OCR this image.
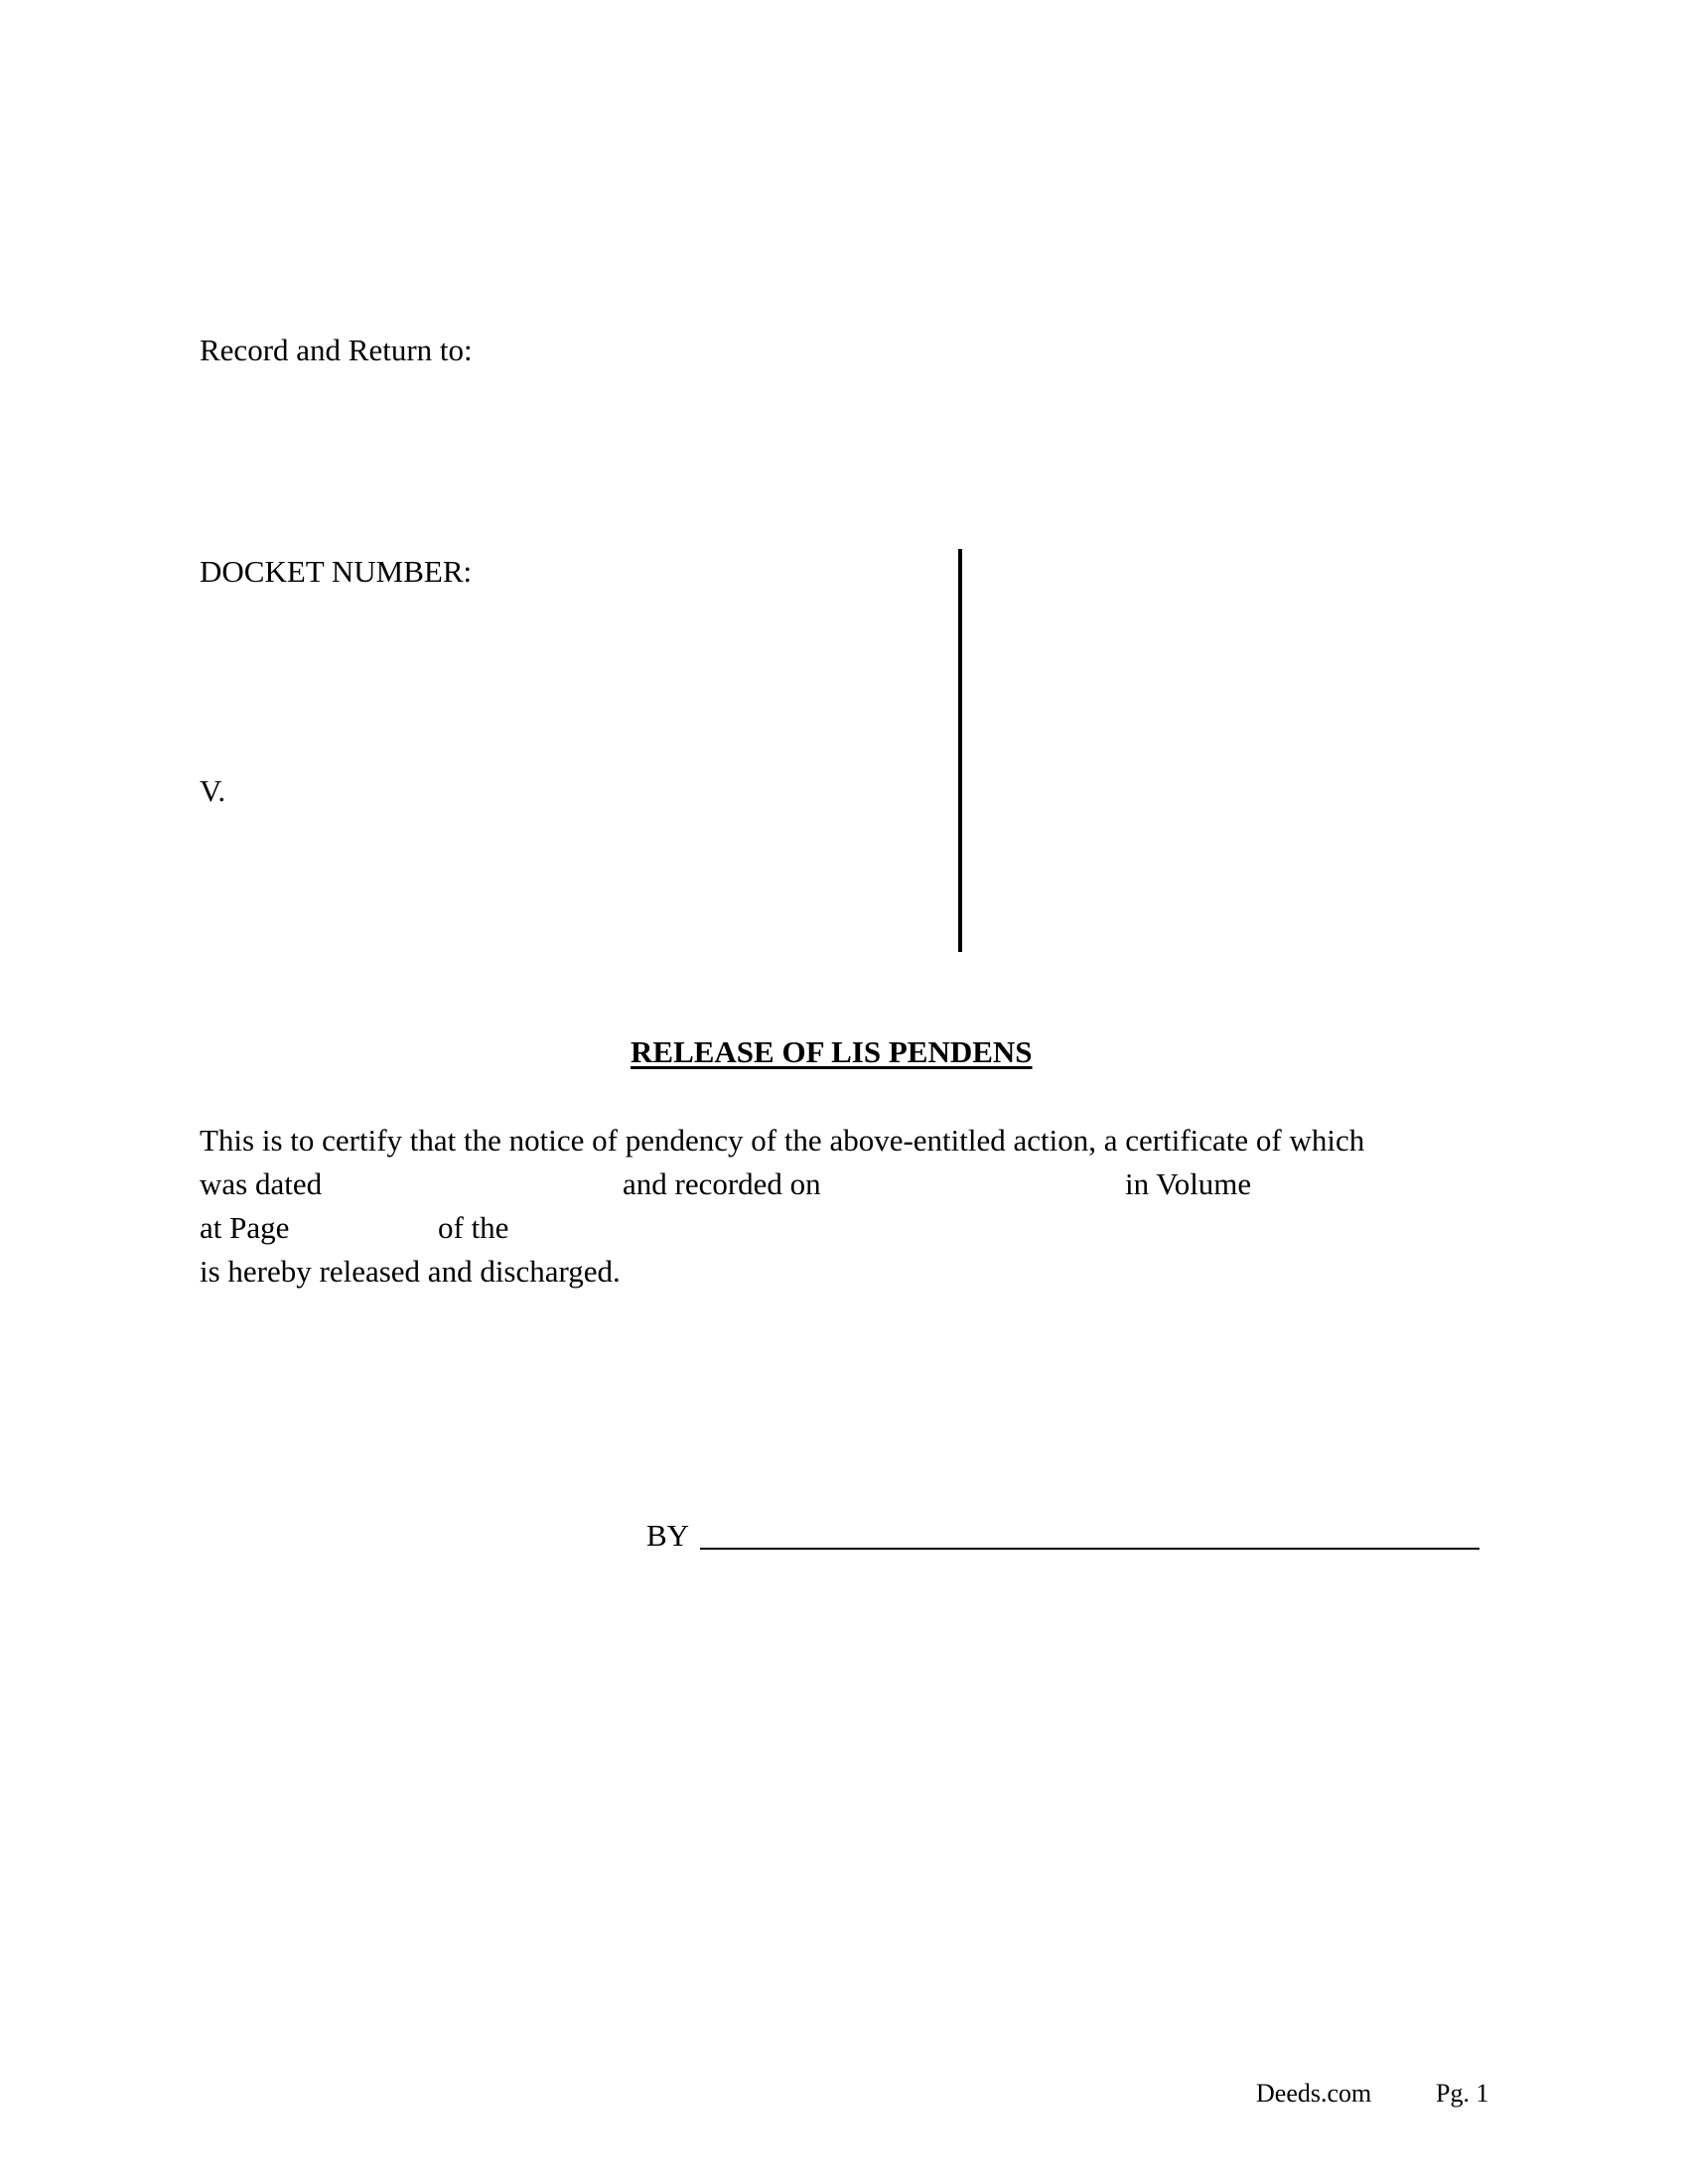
Record and Return to:
DOCKET NUMBER:
V.
RELEASE OF LIS PENDENS
This is to certify that the notice of pendency of the above-entitled action, a certificate of which
was dated	and recorded on	in Volume
at Page	of the
is hereby released and discharged.
BY
Deeds.com Pg. 1
